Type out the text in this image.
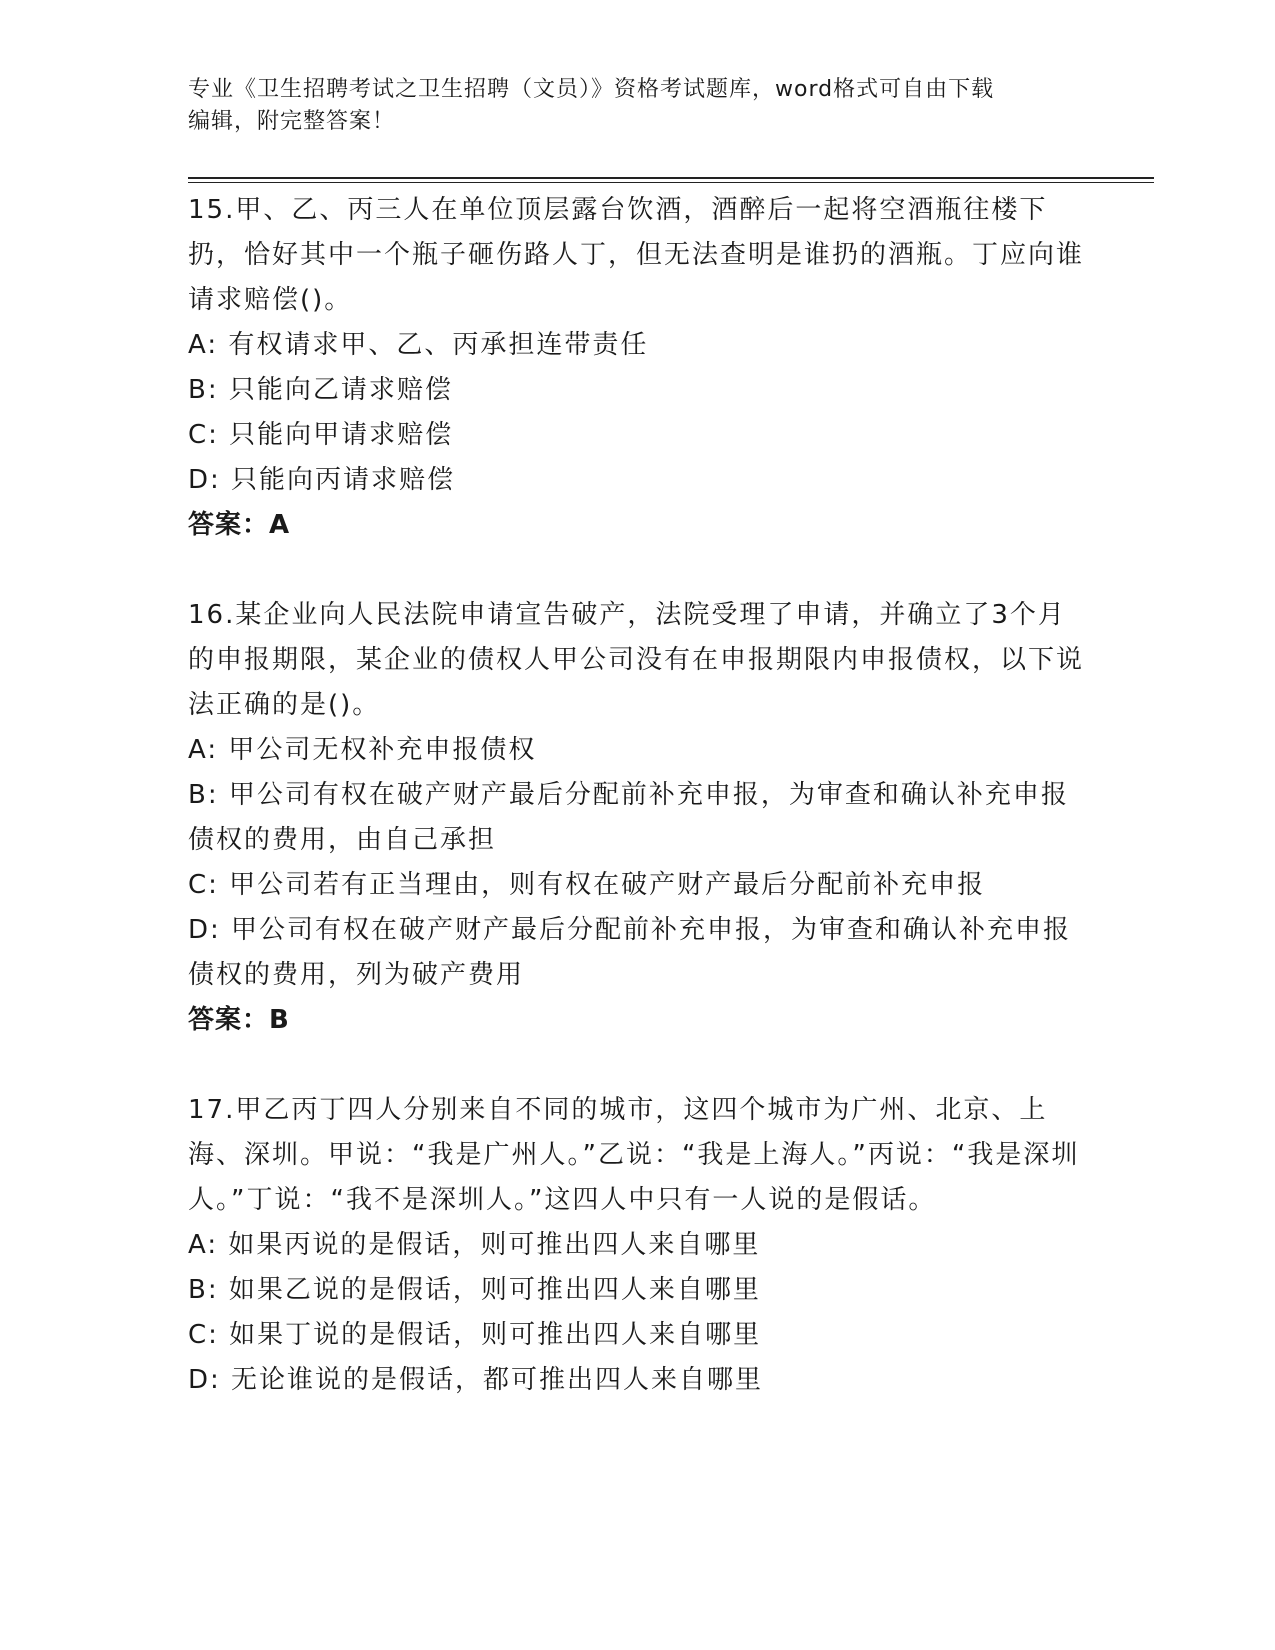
专业《卫生招聘考试之卫生招聘（文员）》资格考试题库，word格式可自由下载
编辑，附完整答案！

15.甲、乙、丙三人在单位顶层露台饮酒，酒醉后一起将空酒瓶往楼下扔，恰好其中一个瓶子砸伤路人丁，但无法查明是谁扔的酒瓶。丁应向谁请求赔偿()。

A: 有权请求甲、乙、丙承担连带责任

B: 只能向乙请求赔偿

C: 只能向甲请求赔偿

D: 只能向丙请求赔偿

答案：A

16.某企业向人民法院申请宣告破产，法院受理了申请，并确立了3个月的申报期限，某企业的债权人甲公司没有在申报期限内申报债权，以下说法正确的是()。

A: 甲公司无权补充申报债权

B: 甲公司有权在破产财产最后分配前补充申报，为审查和确认补充申报债权的费用，由自己承担

C: 甲公司若有正当理由，则有权在破产财产最后分配前补充申报

D: 甲公司有权在破产财产最后分配前补充申报，为审查和确认补充申报债权的费用，列为破产费用

答案：B

17.甲乙丙丁四人分别来自不同的城市，这四个城市为广州、北京、上海、深圳。甲说：“我是广州人。”乙说：“我是上海人。”丙说：“我是深圳人。”丁说：“我不是深圳人。”这四人中只有一人说的是假话。

A: 如果丙说的是假话，则可推出四人来自哪里

B: 如果乙说的是假话，则可推出四人来自哪里

C: 如果丁说的是假话，则可推出四人来自哪里

D: 无论谁说的是假话，都可推出四人来自哪里
